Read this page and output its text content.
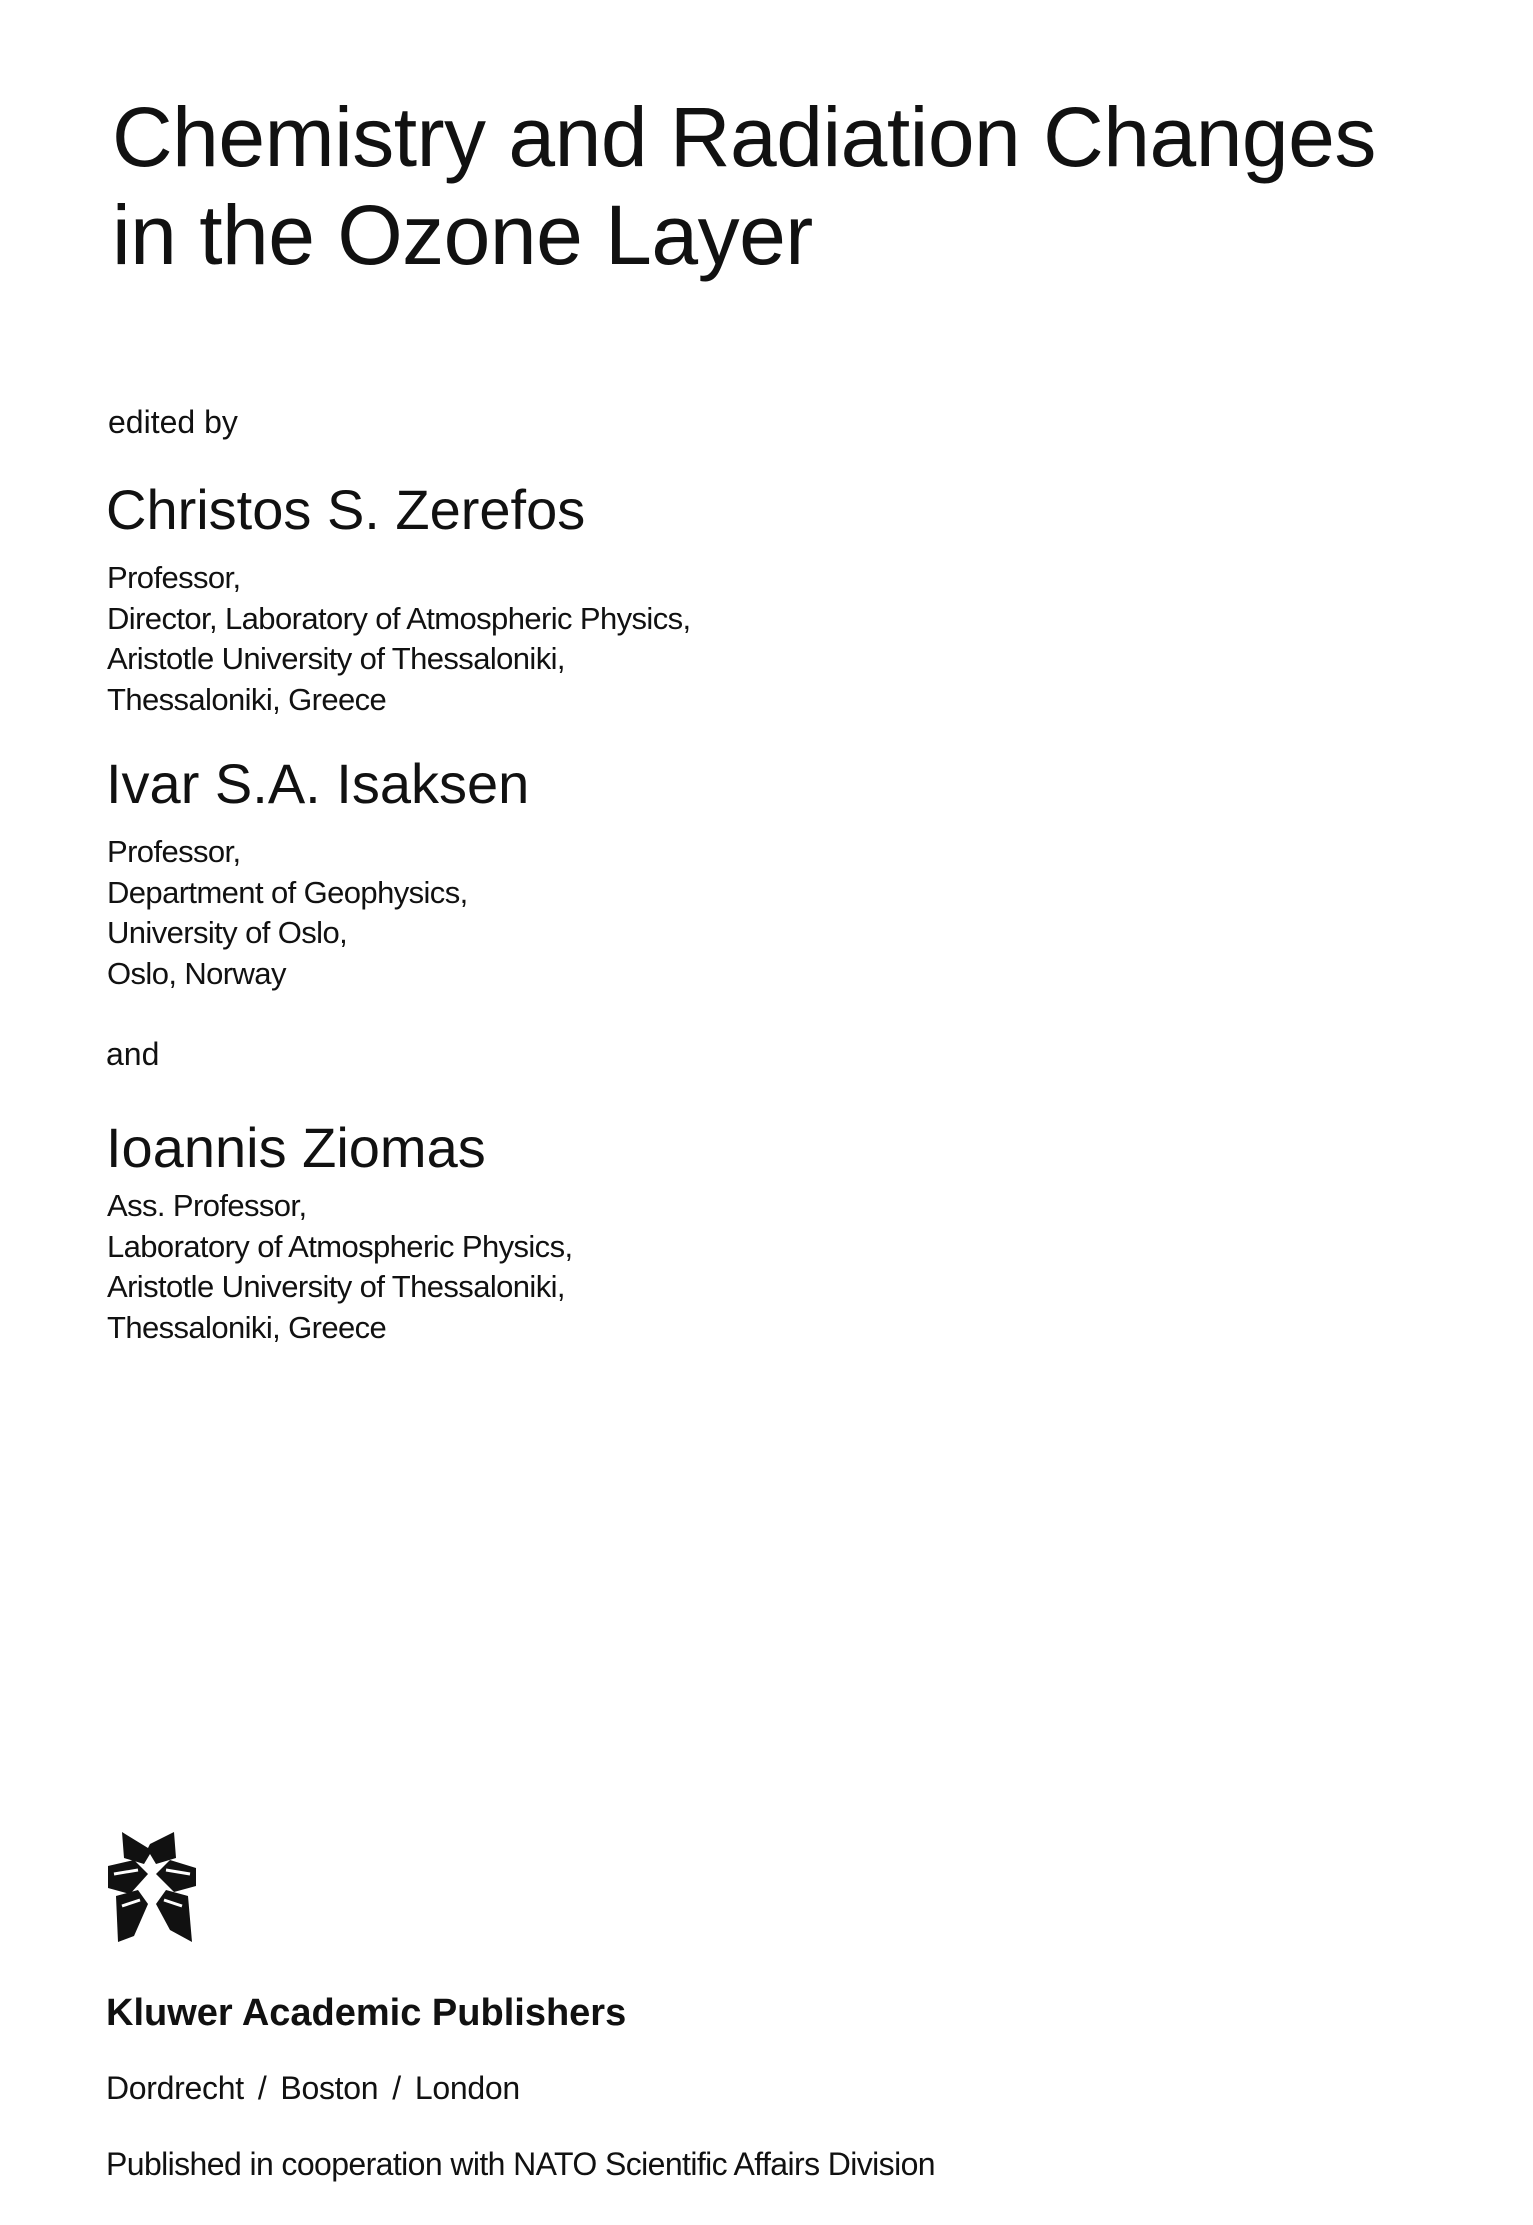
Chemistry and Radiation Changes
in the Ozone Layer

edited by

Christos S. Zerefos
Professor,
Director, Laboratory of Atmospheric Physics,
Aristotle University of Thessaloniki,
Thessaloniki, Greece
Ivar S.A. Isaksen
Professor,
Department of Geophysics,
University of Oslo,
Oslo, Norway

and

Ioannis Ziomas
Ass. Professor,
Laboratory of Atmospheric Physics,
Aristotle University of Thessaloniki,
Thessaloniki, Greece

Kluwer Academic Publishers

Dordrecht / Boston / London

Published in cooperation with NATO Scientific Affairs Division
